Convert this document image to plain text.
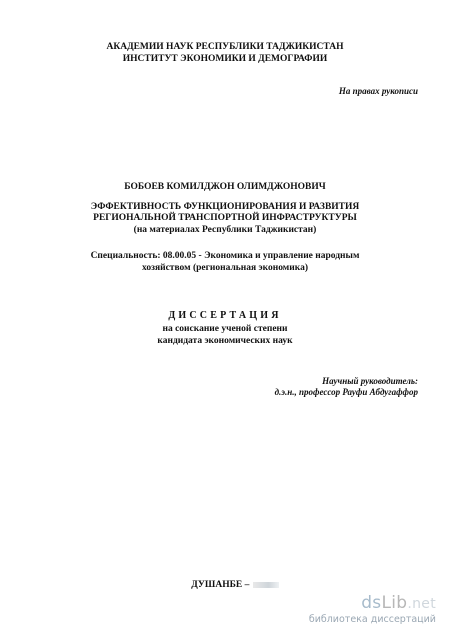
АКАДЕМИИ НАУК РЕСПУБЛИКИ ТАДЖИКИСТАН
ИНСТИТУТ ЭКОНОМИКИ И ДЕМОГРАФИИ
На правах рукописи
БОБОЕВ КОМИЛДЖОН ОЛИМДЖОНОВИЧ
ЭФФЕКТИВНОСТЬ ФУНКЦИОНИРОВАНИЯ И РАЗВИТИЯ
РЕГИОНАЛЬНОЙ ТРАНСПОРТНОЙ ИНФРАСТРУКТУРЫ
(на материалах Республики Таджикистан)
Специальность: 08.00.05 - Экономика и управление народным
хозяйством (региональная экономика)
ДИССЕРТАЦИЯ
на соискание ученой степени
кандидата экономических наук
Научный руководитель:
д.э.н., профессор Рауфи Абдугаффор
ДУШАНБЕ –
dsLib.net
библиотека диссертаций
